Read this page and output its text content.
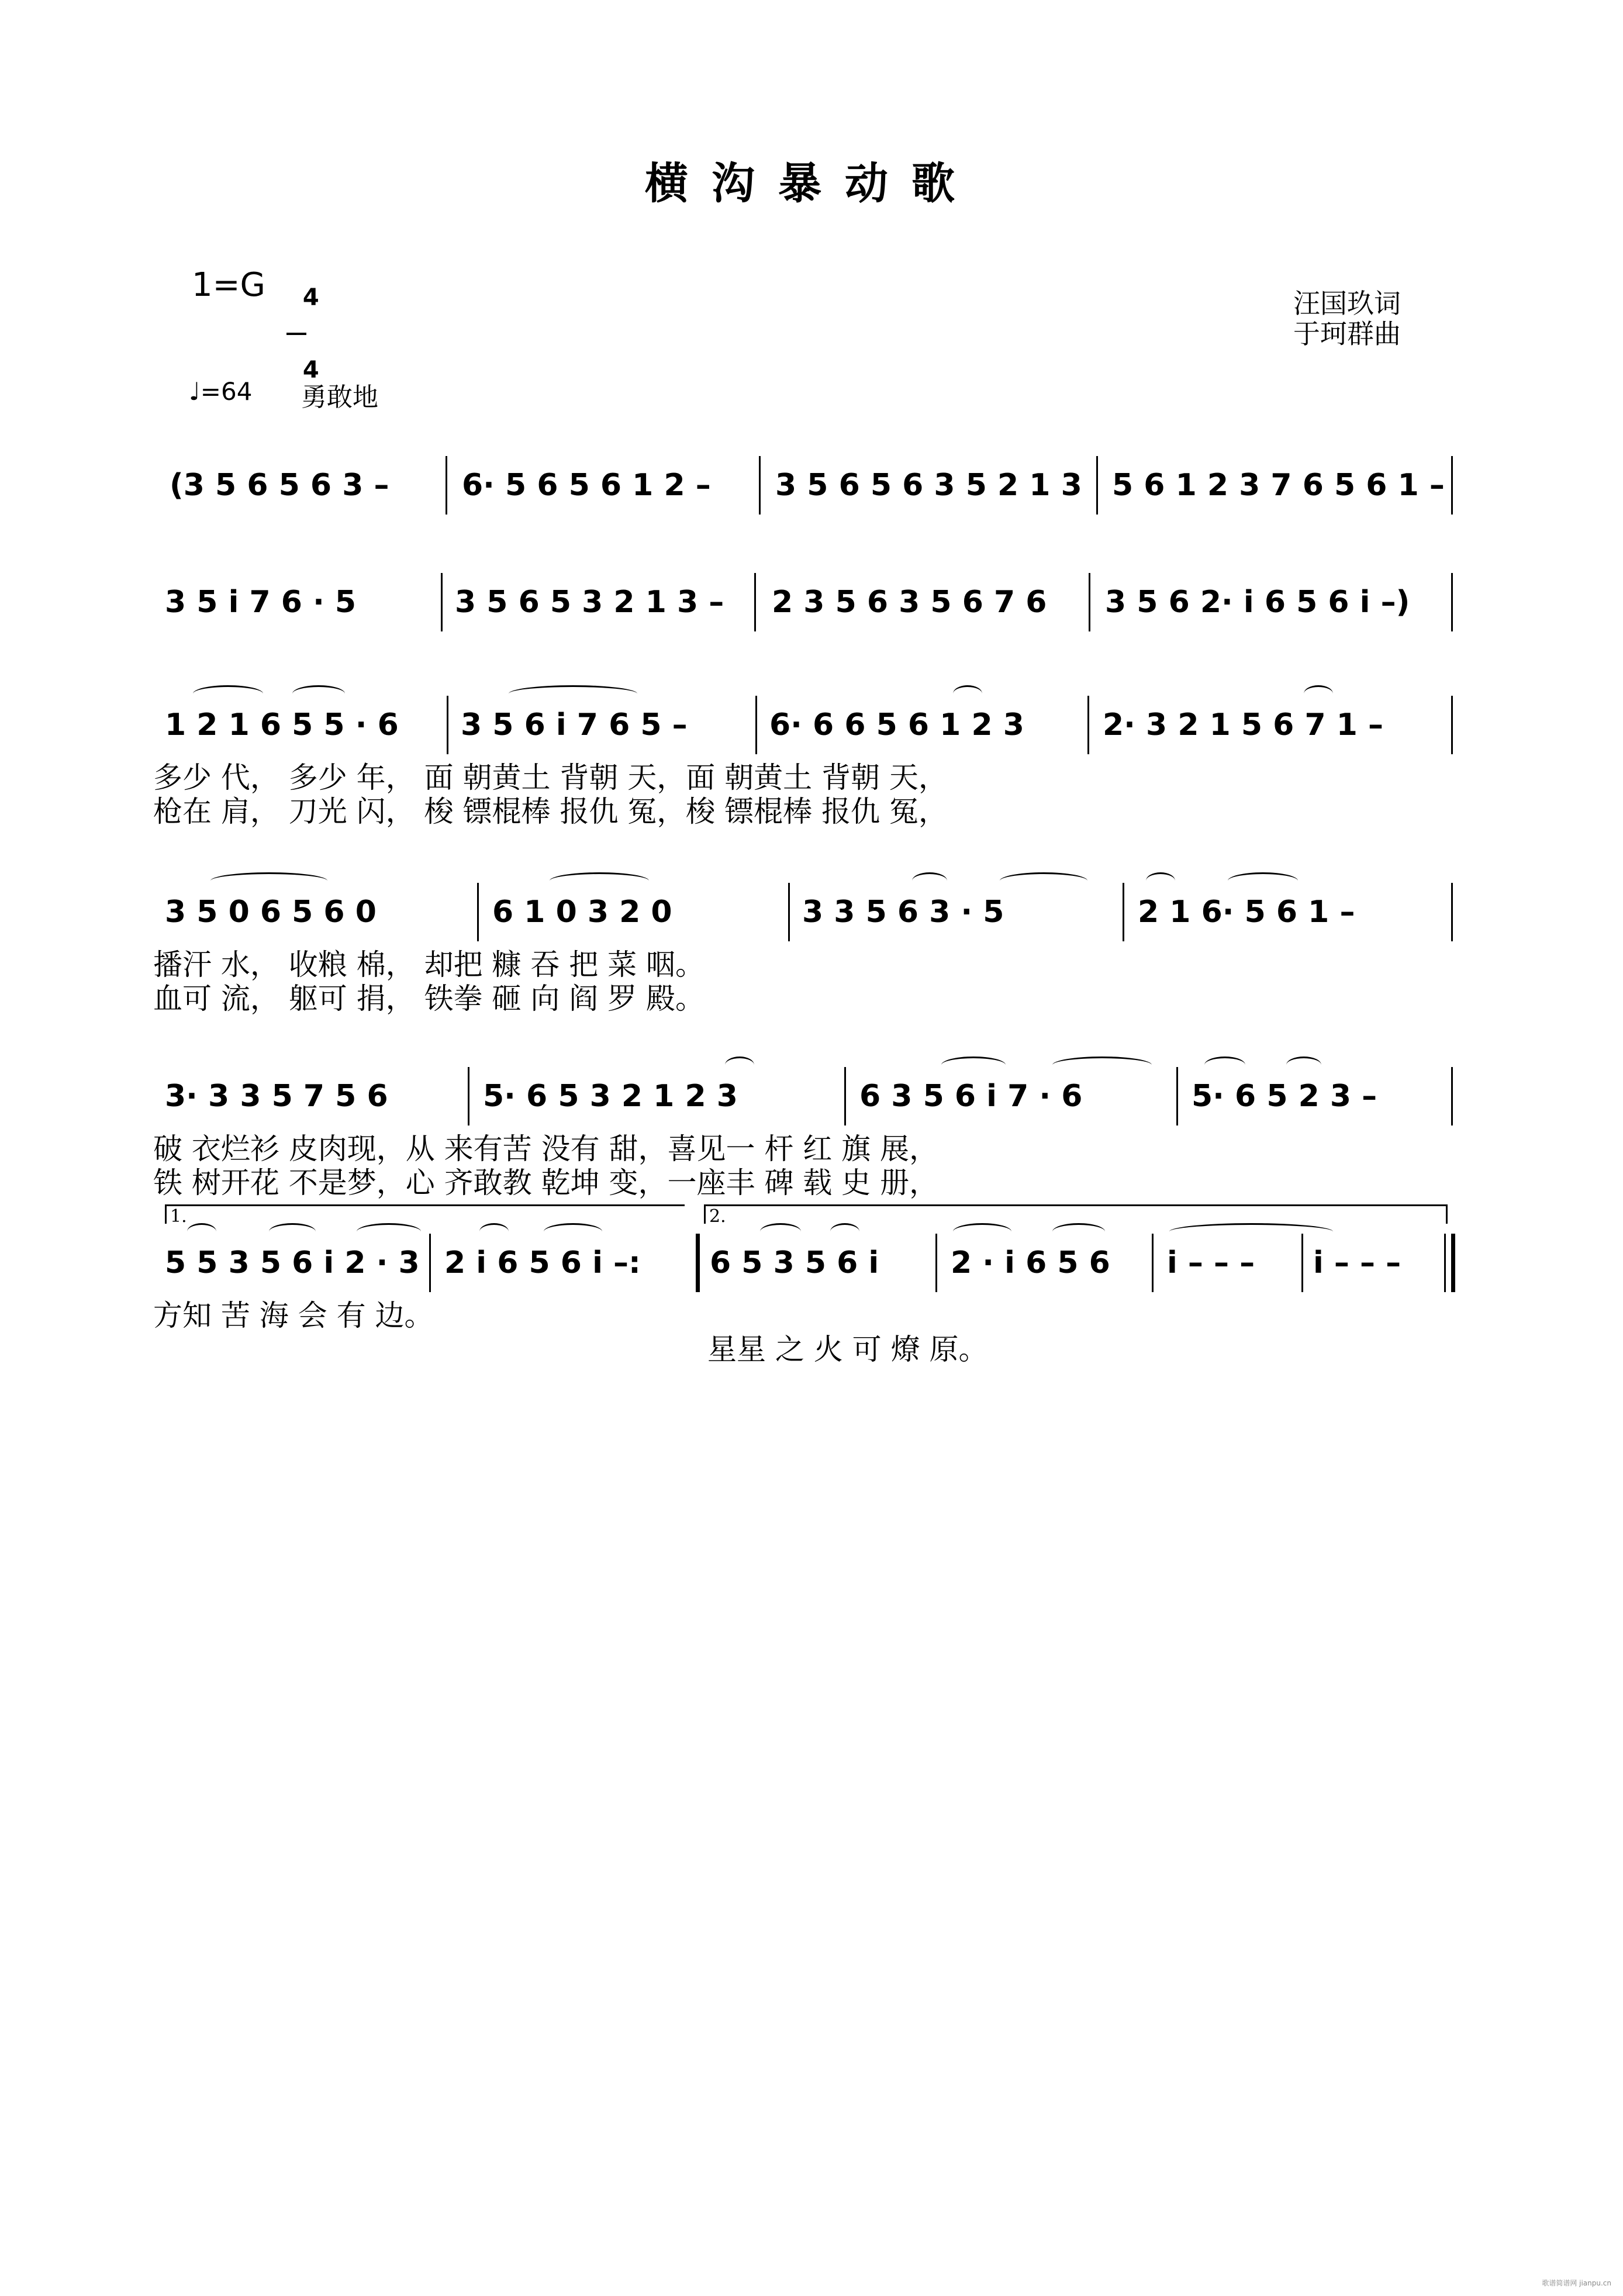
横沟暴动歌
1=G	4

4

汪国玖词
于珂群曲
♩=64 勇敢地
(3 5 6 5 6 3 – 6· 5 6 5 6 1 2 – 3 5 6 5 6 3 5 2 1 3 5 6 1 2 3 7 6 5 6 1 –
3 5 i 7 6 · 5	3 5 6 5 3 2 1 3 – 2 3 5 6 3 5 6 7 6 3 5 6 2· i 6 5 6 i –)
1 2 1 6 5 5 · 6 3 5 6 i 7 6 5 –	6· 6 6 5 6 1 2 3	2· 3 2 1 5 6 7 1 –
多少 代， 多少 年， 面 朝黄土 背朝 天，面 朝黄土 背朝 天，
枪在 肩， 刀光 闪， 梭 镖棍棒 报仇 冤，梭 镖棍棒 报仇 冤，
3 5 0 6 5 6 0	6 1 0 3 2 0	3 3 5 6 3 · 5	2 1 6· 5 6 1 –
播汗 水， 收粮 棉， 却把 糠 吞 把 菜 咽。
血可 流， 躯可 捐， 铁拳 砸 向 阎 罗 殿。
3· 3 3 5 7 5 6	5· 6 5 3 2 1 2 3	6 3 5 6 i 7 · 6	5· 6 5 2 3 –
破 衣烂衫 皮肉现，从 来有苦 没有 甜，喜见一 杆 红 旗 展，
铁 树开花 不是梦，心 齐敢教 乾坤 变，一座丰 碑 载 史 册，
1.	2.
5 5 3 5 6 i 2 · 3 2 i 6 5 6 i –: 6 5 3 5 6 i 2 · i 6 5 6 i – – – i – – –
方知 苦 海 会 有 边。
星星 之 火 可 燎 原。
歌谱简谱网 jianpu.cn
